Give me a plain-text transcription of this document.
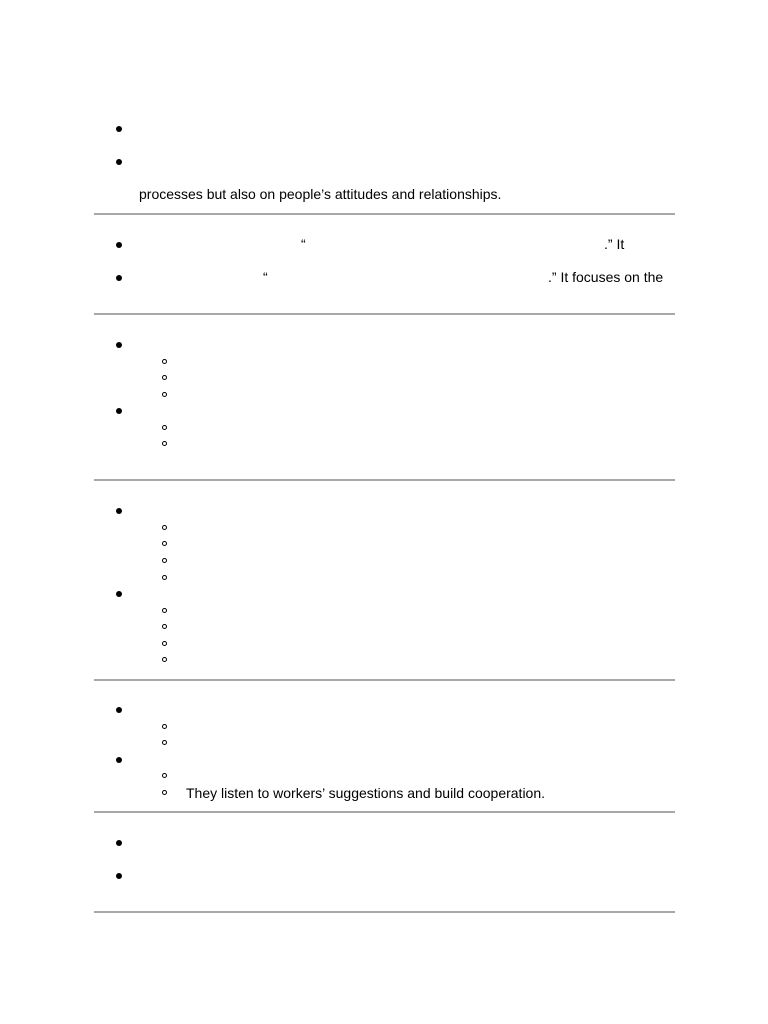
processes but also on people’s attitudes and relationships.
“	.” It
“	.” It focuses on the
They listen to workers’ suggestions and build cooperation.
